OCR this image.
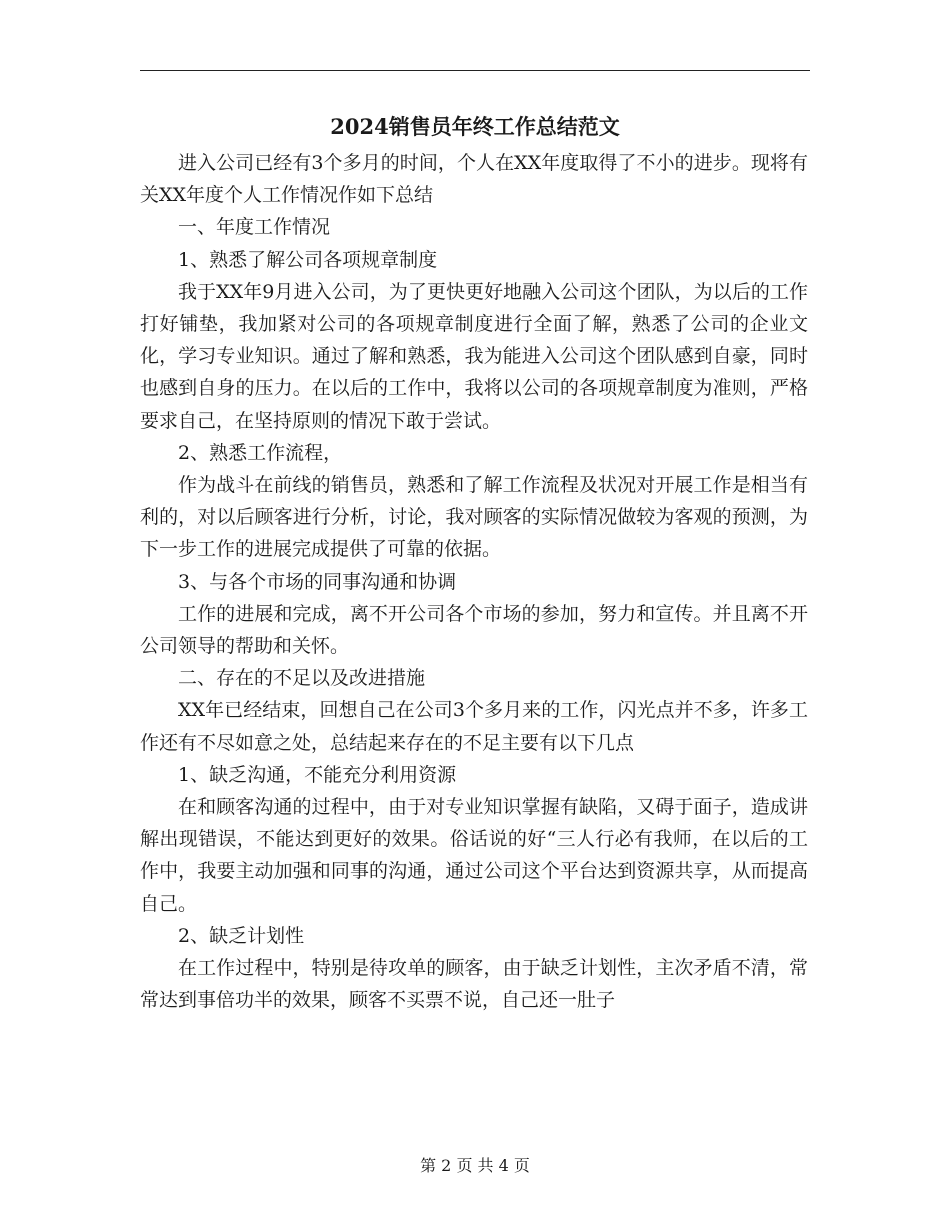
2024销售员年终工作总结范文

进入公司已经有3个多月的时间，个人在XX年度取得了不小的进步。现将有关XX年度个人工作情况作如下总结

一、年度工作情况

1、熟悉了解公司各项规章制度

我于XX年9月进入公司，为了更快更好地融入公司这个团队，为以后的工作打好铺垫，我加紧对公司的各项规章制度进行全面了解，熟悉了公司的企业文化，学习专业知识。通过了解和熟悉，我为能进入公司这个团队感到自豪，同时也感到自身的压力。在以后的工作中，我将以公司的各项规章制度为准则，严格要求自己，在坚持原则的情况下敢于尝试。

2、熟悉工作流程，

作为战斗在前线的销售员，熟悉和了解工作流程及状况对开展工作是相当有利的，对以后顾客进行分析，讨论，我对顾客的实际情况做较为客观的预测，为下一步工作的进展完成提供了可靠的依据。

3、与各个市场的同事沟通和协调

工作的进展和完成，离不开公司各个市场的参加，努力和宣传。并且离不开公司领导的帮助和关怀。

二、存在的不足以及改进措施

XX年已经结束，回想自己在公司3个多月来的工作，闪光点并不多，许多工作还有不尽如意之处，总结起来存在的不足主要有以下几点

1、缺乏沟通，不能充分利用资源

在和顾客沟通的过程中，由于对专业知识掌握有缺陷，又碍于面子，造成讲解出现错误，不能达到更好的效果。俗话说的好“三人行必有我师，在以后的工作中，我要主动加强和同事的沟通，通过公司这个平台达到资源共享，从而提高自己。

2、缺乏计划性

在工作过程中，特别是待攻单的顾客，由于缺乏计划性，主次矛盾不清，常常达到事倍功半的效果，顾客不买票不说，自己还一肚子

第 2 页 共 4 页
